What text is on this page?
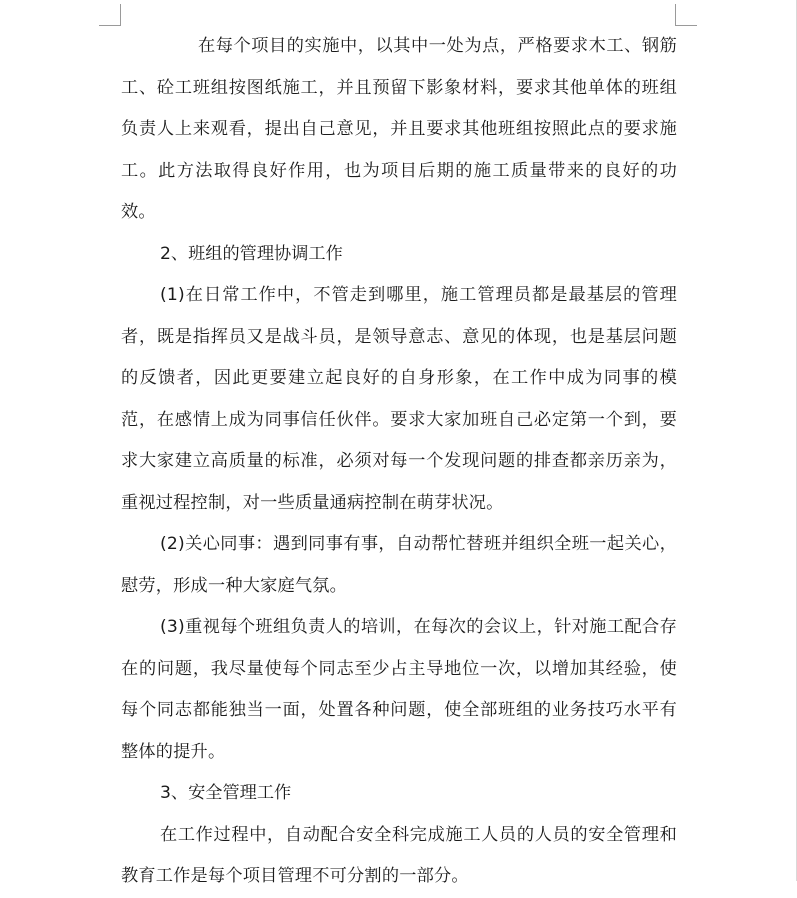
在每个项目的实施中，以其中一处为点，严格要求木工、钢筋工、砼工班组按图纸施工，并且预留下影象材料，要求其他单体的班组负责人上来观看，提出自己意见，并且要求其他班组按照此点的要求施工。此方法取得良好作用，也为项目后期的施工质量带来的良好的功效。

2、班组的管理协调工作

(1)在日常工作中，不管走到哪里，施工管理员都是最基层的管理者，既是指挥员又是战斗员，是领导意志、意见的体现，也是基层问题的反馈者，因此更要建立起良好的自身形象，在工作中成为同事的模范，在感情上成为同事信任伙伴。要求大家加班自己必定第一个到，要求大家建立高质量的标准，必须对每一个发现问题的排查都亲历亲为，重视过程控制，对一些质量通病控制在萌芽状况。

(2)关心同事：遇到同事有事，自动帮忙替班并组织全班一起关心，慰劳，形成一种大家庭气氛。

(3)重视每个班组负责人的培训，在每次的会议上，针对施工配合存在的问题，我尽量使每个同志至少占主导地位一次，以增加其经验，使每个同志都能独当一面，处置各种问题，使全部班组的业务技巧水平有整体的提升。

3、安全管理工作

在工作过程中，自动配合安全科完成施工人员的人员的安全管理和教育工作是每个项目管理不可分割的一部分。
